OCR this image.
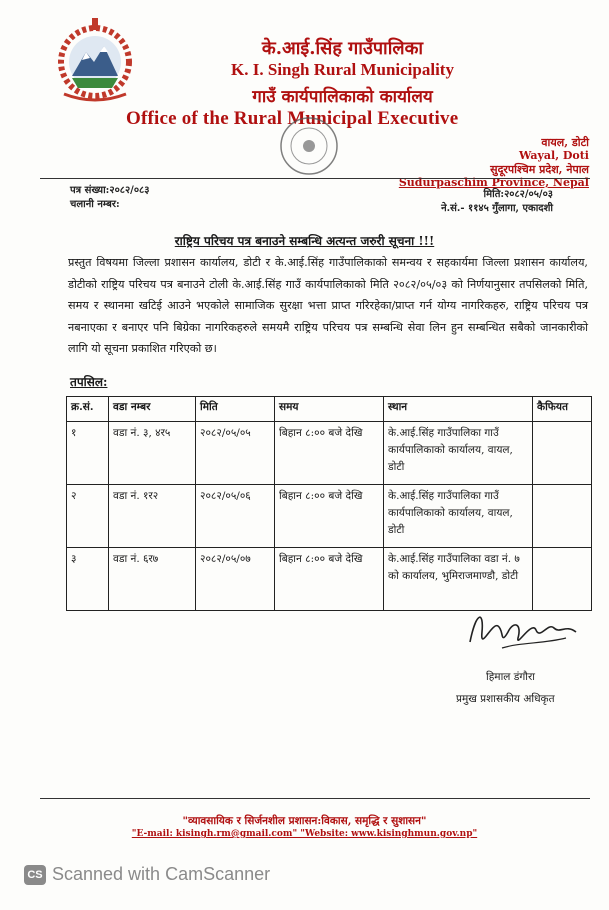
के.आई.सिंह गाउँपालिका
K. I. Singh Rural Municipality
गाउँ कार्यपालिकाको कार्यालय
Office of the Rural Municipal Executive
वायल, डोटी
Wayal, Doti
सुदूरपश्चिम प्रदेश, नेपाल
Sudurpaschim Province, Nepal
पत्र संख्या:२०८२/०८३
चलानी नम्बर:
मिति:२०८२/०५/०३
ने.सं.- ११४५ गुँलागा, एकादशी
राष्ट्रिय परिचय पत्र बनाउने सम्बन्धि अत्यन्त जरुरी सूचना !!!
प्रस्तुत विषयमा जिल्ला प्रशासन कार्यालय, डोटी र के.आई.सिंह गाउँपालिकाको समन्वय र सहकार्यमा जिल्ला प्रशासन कार्यालय, डोटीको राष्ट्रिय परिचय पत्र बनाउने टोली के.आई.सिंह गाउँ कार्यपालिकाको मिति २०८२/०५/०३ को निर्णयानुसार तपसिलको मिति, समय र स्थानमा खटिई आउने भएकोले सामाजिक सुरक्षा भत्ता प्राप्त गरिरहेका/प्राप्त गर्न योग्य नागरिकहरु, राष्ट्रिय परिचय पत्र नबनाएका र बनाएर पनि बिग्रेका नागरिकहरुले समयमै राष्ट्रिय परिचय पत्र सम्बन्धि सेवा लिन हुन सम्बन्धित सबैको जानकारीको लागि यो सूचना प्रकाशित गरिएको छ।
तपसिल:
क्र.सं.	वडा नम्बर	मिति	समय	स्थान	कैफियत
१	वडा नं. ३, ४र५	२०८२/०५/०५	बिहान ८:०० बजे देखि	के.आई.सिंह गाउँपालिका गाउँ कार्यपालिकाको कार्यालय, वायल, डोटी	
२	वडा नं. १र२	२०८२/०५/०६	बिहान ८:०० बजे देखि	के.आई.सिंह गाउँपालिका गाउँ कार्यपालिकाको कार्यालय, वायल, डोटी	
३	वडा नं. ६र७	२०८२/०५/०७	बिहान ८:०० बजे देखि	के.आई.सिंह गाउँपालिका वडा नं. ७ को कार्यालय, भुमिराजमाण्डौ, डोटी	
हिमाल डंगौरा
प्रमुख प्रशासकीय अधिकृत
"व्यावसायिक र सिर्जनशील प्रशासन:विकास, समृद्धि र सुशासन"
"E-mail: kisingh.rm@gmail.com" "Website: www.kisinghmun.gov.np"
CS Scanned with CamScanner
